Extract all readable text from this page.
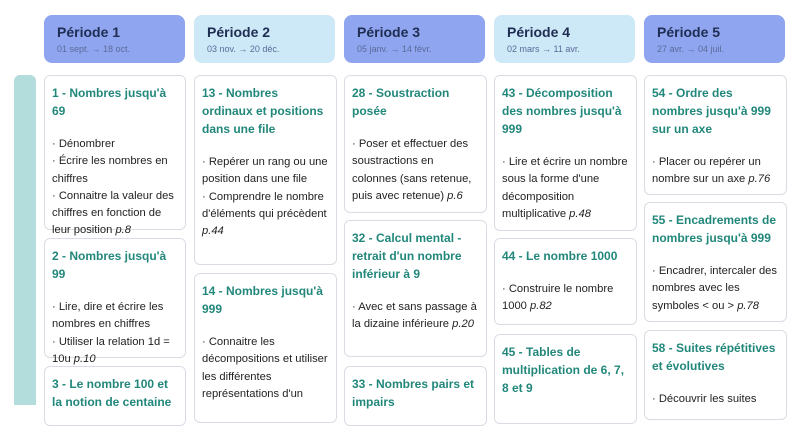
Période 1
01 sept. → 18 oct.
Période 2
03 nov. → 20 déc.
Période 3
05 janv. → 14 févr.
Période 4
02 mars → 11 avr.
Période 5
27 avr. → 04 juil.
1 - Nombres jusqu'à 69

· Dénombrer

· Écrire les nombres en chiffres

· Connaitre la valeur des chiffres en fonction de leur position p.8

2 - Nombres jusqu'à 99

· Lire, dire et écrire les nombres en chiffres

· Utiliser la relation 1d = 10u p.10

3 - Le nombre 100 et la notion de centaine
13 - Nombres ordinaux et positions dans une file

· Repérer un rang ou une position dans une file

· Comprendre le nombre d'éléments qui précèdent p.44

14 - Nombres jusqu'à 999

· Connaitre les décompositions et utiliser les différentes représentations d'un

28 - Soustraction posée

· Poser et effectuer des soustractions en colonnes (sans retenue, puis avec retenue) p.6

32 - Calcul mental - retrait d'un nombre inférieur à 9

· Avec et sans passage à la dizaine inférieure p.20

33 - Nombres pairs et impairs
43 - Décomposition des nombres jusqu'à 999

· Lire et écrire un nombre sous la forme d'une décomposition multiplicative p.48

44 - Le nombre 1000

· Construire le nombre 1000 p.82

45 - Tables de multiplication de 6, 7, 8 et 9
54 - Ordre des nombres jusqu'à 999 sur un axe

· Placer ou repérer un nombre sur un axe p.76

55 - Encadrements de nombres jusqu'à 999

· Encadrer, intercaler des nombres avec les symboles < ou > p.78

58 - Suites répétitives et évolutives

· Découvrir les suites
